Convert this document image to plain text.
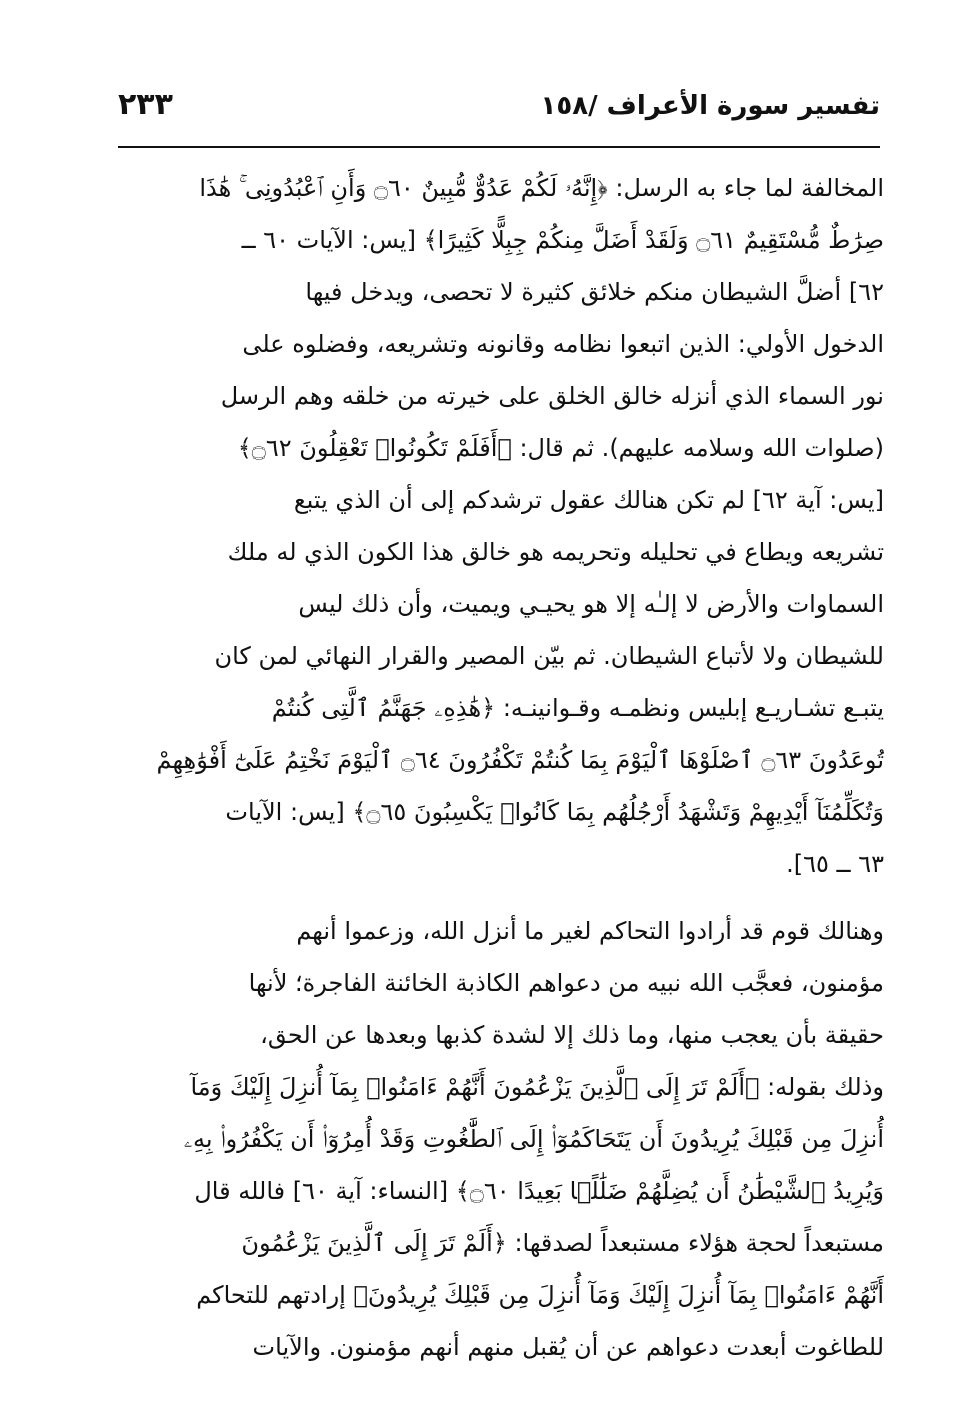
تفسير سورة الأعراف /١٥٨
٢٣٣
المخالفة لما جاء به الرسل: ﴿إِنَّهُۥ لَكُمْ عَدُوٌّ مُّبِينٌ ۝٦٠ وَأَنِ ٱعْبُدُونِى ۚ هَٰذَا
صِرَٰطٌ مُّسْتَقِيمٌ ۝٦١ وَلَقَدْ أَضَلَّ مِنكُمْ جِبِلًّا كَثِيرًا﴾ [يس: الآيات ٦٠ ــ
٦٢] أضلَّ الشيطان منكم خلائق كثيرة لا تحصى، ويدخل فيها
الدخول الأولي: الذين اتبعوا نظامه وقانونه وتشريعه، وفضلوه على
نور السماء الذي أنزله خالق الخلق على خيرته من خلقه وهم الرسل
(صلوات الله وسلامه عليهم). ثم قال: ﴿أَفَلَمْ تَكُونُوا۟ تَعْقِلُونَ ۝٦٢﴾
[يس: آية ٦٢] لم تكن هنالك عقول ترشدكم إلى أن الذي يتبع
تشريعه ويطاع في تحليله وتحريمه هو خالق هذا الكون الذي له ملك
السماوات والأرض لا إلـٰه إلا هو يحيـي ويميت، وأن ذلك ليس
للشيطان ولا لأتباع الشيطان. ثم بيّن المصير والقرار النهائي لمن كان
يتبـع تشـاريـع إبليس ونظمـه وقـوانينـه: ﴿هَٰذِهِۦ جَهَنَّمُ ٱلَّتِى كُنتُمْ
تُوعَدُونَ ۝٦٣ ٱصْلَوْهَا ٱلْيَوْمَ بِمَا كُنتُمْ تَكْفُرُونَ ۝٦٤ ٱلْيَوْمَ نَخْتِمُ عَلَىٰٓ أَفْوَٰهِهِمْ
وَتُكَلِّمُنَآ أَيْدِيهِمْ وَتَشْهَدُ أَرْجُلُهُم بِمَا كَانُوا۟ يَكْسِبُونَ ۝٦٥﴾ [يس: الآيات
٦٣ ــ ٦٥].
وهنالك قوم قد أرادوا التحاكم لغير ما أنزل الله، وزعموا أنهم
مؤمنون، فعجَّب الله نبيه من دعواهم الكاذبة الخائنة الفاجرة؛ لأنها
حقيقة بأن يعجب منها، وما ذلك إلا لشدة كذبها وبعدها عن الحق،
وذلك بقوله: ﴿أَلَمْ تَرَ إِلَى ٱلَّذِينَ يَزْعُمُونَ أَنَّهُمْ ءَامَنُوا۟ بِمَآ أُنزِلَ إِلَيْكَ وَمَآ
أُنزِلَ مِن قَبْلِكَ يُرِيدُونَ أَن يَتَحَاكَمُوٓا۟ إِلَى ٱلطَّٰغُوتِ وَقَدْ أُمِرُوٓا۟ أَن يَكْفُرُوا۟ بِهِۦ
وَيُرِيدُ ٱلشَّيْطَٰنُ أَن يُضِلَّهُمْ ضَلَٰلًۢا بَعِيدًا ۝٦٠﴾ [النساء: آية ٦٠] فالله قال
مستبعداً لحجة هؤلاء مستبعداً لصدقها: ﴿أَلَمْ تَرَ إِلَى ٱلَّذِينَ يَزْعُمُونَ
أَنَّهُمْ ءَامَنُوا۟ بِمَآ أُنزِلَ إِلَيْكَ وَمَآ أُنزِلَ مِن قَبْلِكَ يُرِيدُونَ﴾ إرادتهم للتحاكم
للطاغوت أبعدت دعواهم عن أن يُقبل منهم أنهم مؤمنون. والآيات
